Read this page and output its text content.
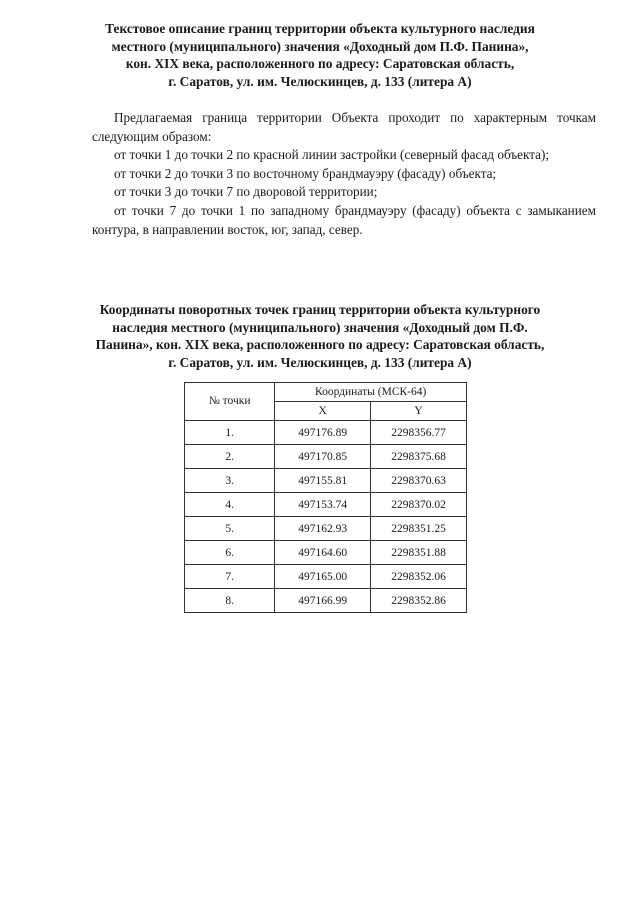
Текстовое описание границ территории объекта культурного наследия
местного (муниципального) значения «Доходный дом П.Ф. Панина»,
кон. XIX века, расположенного по адресу: Саратовская область,
г. Саратов, ул. им. Челюскинцев, д. 133 (литера А)

Предлагаемая граница территории Объекта проходит по характерным точкам следующим образом:

от точки 1 до точки 2 по красной линии застройки (северный фасад объекта);

от точки 2 до точки 3 по восточному брандмауэру (фасаду) объекта;

от точки 3 до точки 7 по дворовой территории;

от точки 7 до точки 1 по западному брандмауэру (фасаду) объекта с замыканием контура, в направлении восток, юг, запад, север.

Координаты поворотных точек границ территории объекта культурного
наследия местного (муниципального) значения «Доходный дом П.Ф.
Панина», кон. XIX века, расположенного по адресу: Саратовская область,
г. Саратов, ул. им. Челюскинцев, д. 133 (литера А)
№ точки	Координаты (МСК-64)	
	X	Y
1.	497176.89	2298356.77
2.	497170.85	2298375.68
3.	497155.81	2298370.63
4.	497153.74	2298370.02
5.	497162.93	2298351.25
6.	497164.60	2298351.88
7.	497165.00	2298352.06
8.	497166.99	2298352.86
